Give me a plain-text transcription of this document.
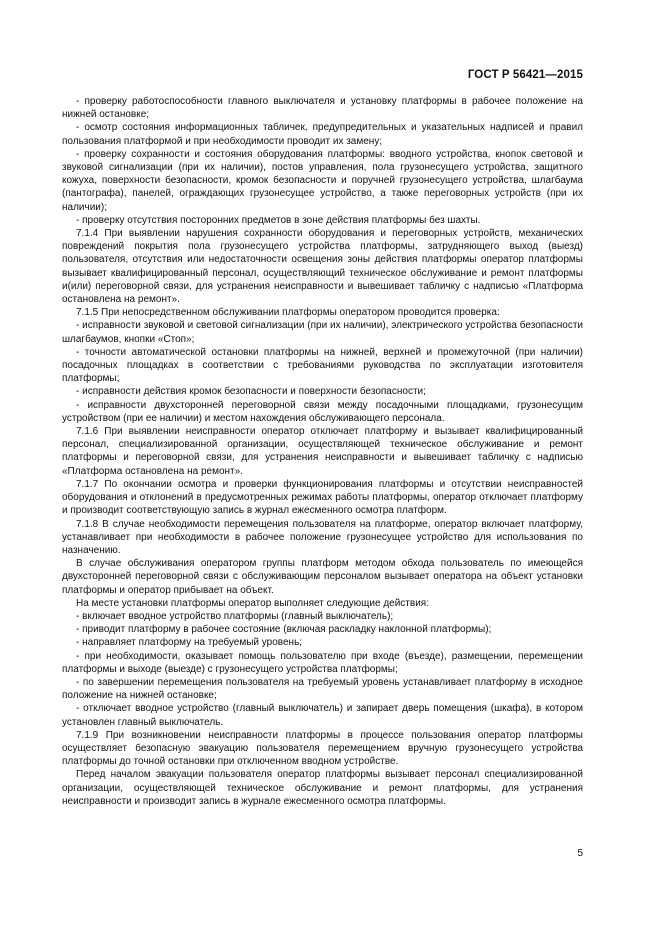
ГОСТ Р 56421—2015

- проверку работоспособности главного выключателя и установку платформы в рабочее положение на нижней остановке;

- осмотр состояния информационных табличек, предупредительных и указательных надписей и правил пользования платформой и при необходимости проводит их замену;

- проверку сохранности и состояния оборудования платформы: вводного устройства, кнопок световой и звуковой сигнализации (при их наличии), постов управления, пола грузонесущего устройства, защитного кожуха, поверхности безопасности, кромок безопасности и поручней грузонесущего устройства, шлагбаума (пантографа), панелей, ограждающих грузонесущее устройство, а также переговорных устройств (при их наличии);

- проверку отсутствия посторонних предметов в зоне действия платформы без шахты.

7.1.4 При выявлении нарушения сохранности оборудования и переговорных устройств, механических повреждений покрытия пола грузонесущего устройства платформы, затрудняющего выход (выезд) пользователя, отсутствия или недостаточности освещения зоны действия платформы оператор платформы вызывает квалифицированный персонал, осуществляющий техническое обслуживание и ремонт платформы и(или) переговорной связи, для устранения неисправности и вывешивает табличку с надписью «Платформа остановлена на ремонт».

7.1.5 При непосредственном обслуживании платформы оператором проводится проверка:

- исправности звуковой и световой сигнализации (при их наличии), электрического устройства безопасности шлагбаумов, кнопки «Стоп»;

- точности автоматической остановки платформы на нижней, верхней и промежуточной (при наличии) посадочных площадках в соответствии с требованиями руководства по эксплуатации изготовителя платформы;

- исправности действия кромок безопасности и поверхности безопасности;

- исправности двухсторонней переговорной связи между посадочными площадками, грузонесущим устройством (при ее наличии) и местом нахождения обслуживающего персонала.

7.1.6 При выявлении неисправности оператор отключает платформу и вызывает квалифицированный персонал, специализированной организации, осуществляющей техническое обслуживание и ремонт платформы и переговорной связи, для устранения неисправности и вывешивает табличку с надписью «Платформа остановлена на ремонт».

7.1.7 По окончании осмотра и проверки функционирования платформы и отсутствии неисправностей оборудования и отклонений в предусмотренных режимах работы платформы, оператор отключает платформу и производит соответствующую запись в журнал ежесменного осмотра платформ.

7.1.8 В случае необходимости перемещения пользователя на платформе, оператор включает платформу, устанавливает при необходимости в рабочее положение грузонесущее устройство для использования по назначению.

В случае обслуживания оператором группы платформ методом обхода пользователь по имеющейся двухсторонней переговорной связи с обслуживающим персоналом вызывает оператора на объект установки платформы и оператор прибывает на объект.

На месте установки платформы оператор выполняет следующие действия:

- включает вводное устройство платформы (главный выключатель);

- приводит платформу в рабочее состояние (включая раскладку наклонной платформы);

- направляет платформу на требуемый уровень;

- при необходимости, оказывает помощь пользователю при входе (въезде), размещении, перемещении платформы и выходе (выезде) с грузонесущего устройства платформы;

- по завершении перемещения пользователя на требуемый уровень устанавливает платформу в исходное положение на нижней остановке;

- отключает вводное устройство (главный выключатель) и запирает дверь помещения (шкафа), в котором установлен главный выключатель.

7.1.9 При возникновении неисправности платформы в процессе пользования оператор платформы осуществляет безопасную эвакуацию пользователя перемещением вручную грузонесущего устройства платформы до точной остановки при отключенном вводном устройстве.

Перед началом эвакуации пользователя оператор платформы вызывает персонал специализированной организации, осуществляющей техническое обслуживание и ремонт платформы, для устранения неисправности и производит запись в журнале ежесменного осмотра платформы.

5
